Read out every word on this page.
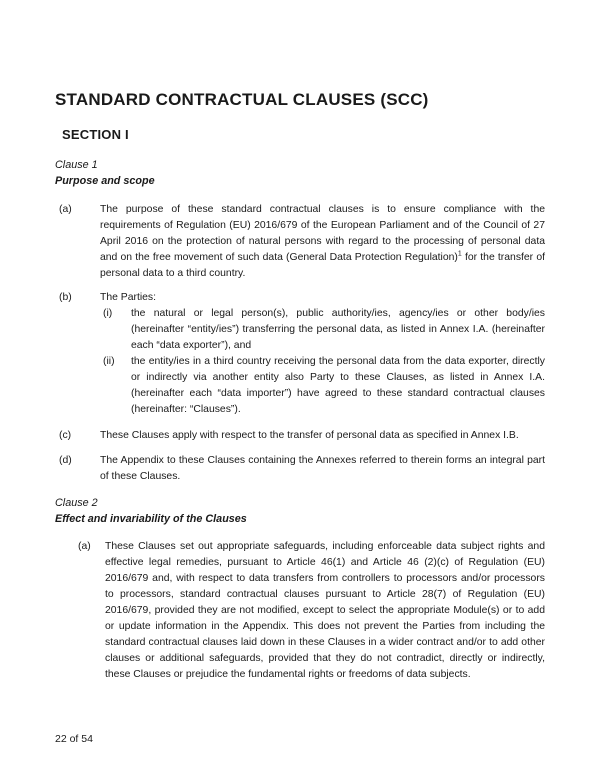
STANDARD CONTRACTUAL CLAUSES (SCC)
SECTION I
Clause 1
Purpose and scope
(a)	The purpose of these standard contractual clauses is to ensure compliance with the requirements of Regulation (EU) 2016/679 of the European Parliament and of the Council of 27 April 2016 on the protection of natural persons with regard to the processing of personal data and on the free movement of such data (General Data Protection Regulation)$^1$ for the transfer of personal data to a third country.
(b)	The Parties:
(i)	the natural or legal person(s), public authority/ies, agency/ies or other body/ies (hereinafter “entity/ies”) transferring the personal data, as listed in Annex I.A. (hereinafter each “data exporter”), and
(ii)	the entity/ies in a third country receiving the personal data from the data exporter, directly or indirectly via another entity also Party to these Clauses, as listed in Annex I.A. (hereinafter each “data importer”) have agreed to these standard contractual clauses (hereinafter: “Clauses”).
(c)	These Clauses apply with respect to the transfer of personal data as specified in Annex I.B.
(d)	The Appendix to these Clauses containing the Annexes referred to therein forms an integral part of these Clauses.
Clause 2
Effect and invariability of the Clauses
(a)	These Clauses set out appropriate safeguards, including enforceable data subject rights and effective legal remedies, pursuant to Article 46(1) and Article 46 (2)(c) of Regulation (EU) 2016/679 and, with respect to data transfers from controllers to processors and/or processors to processors, standard contractual clauses pursuant to Article 28(7) of Regulation (EU) 2016/679, provided they are not modified, except to select the appropriate Module(s) or to add or update information in the Appendix. This does not prevent the Parties from including the standard contractual clauses laid down in these Clauses in a wider contract and/or to add other clauses or additional safeguards, provided that they do not contradict, directly or indirectly, these Clauses or prejudice the fundamental rights or freedoms of data subjects.
22 of 54
